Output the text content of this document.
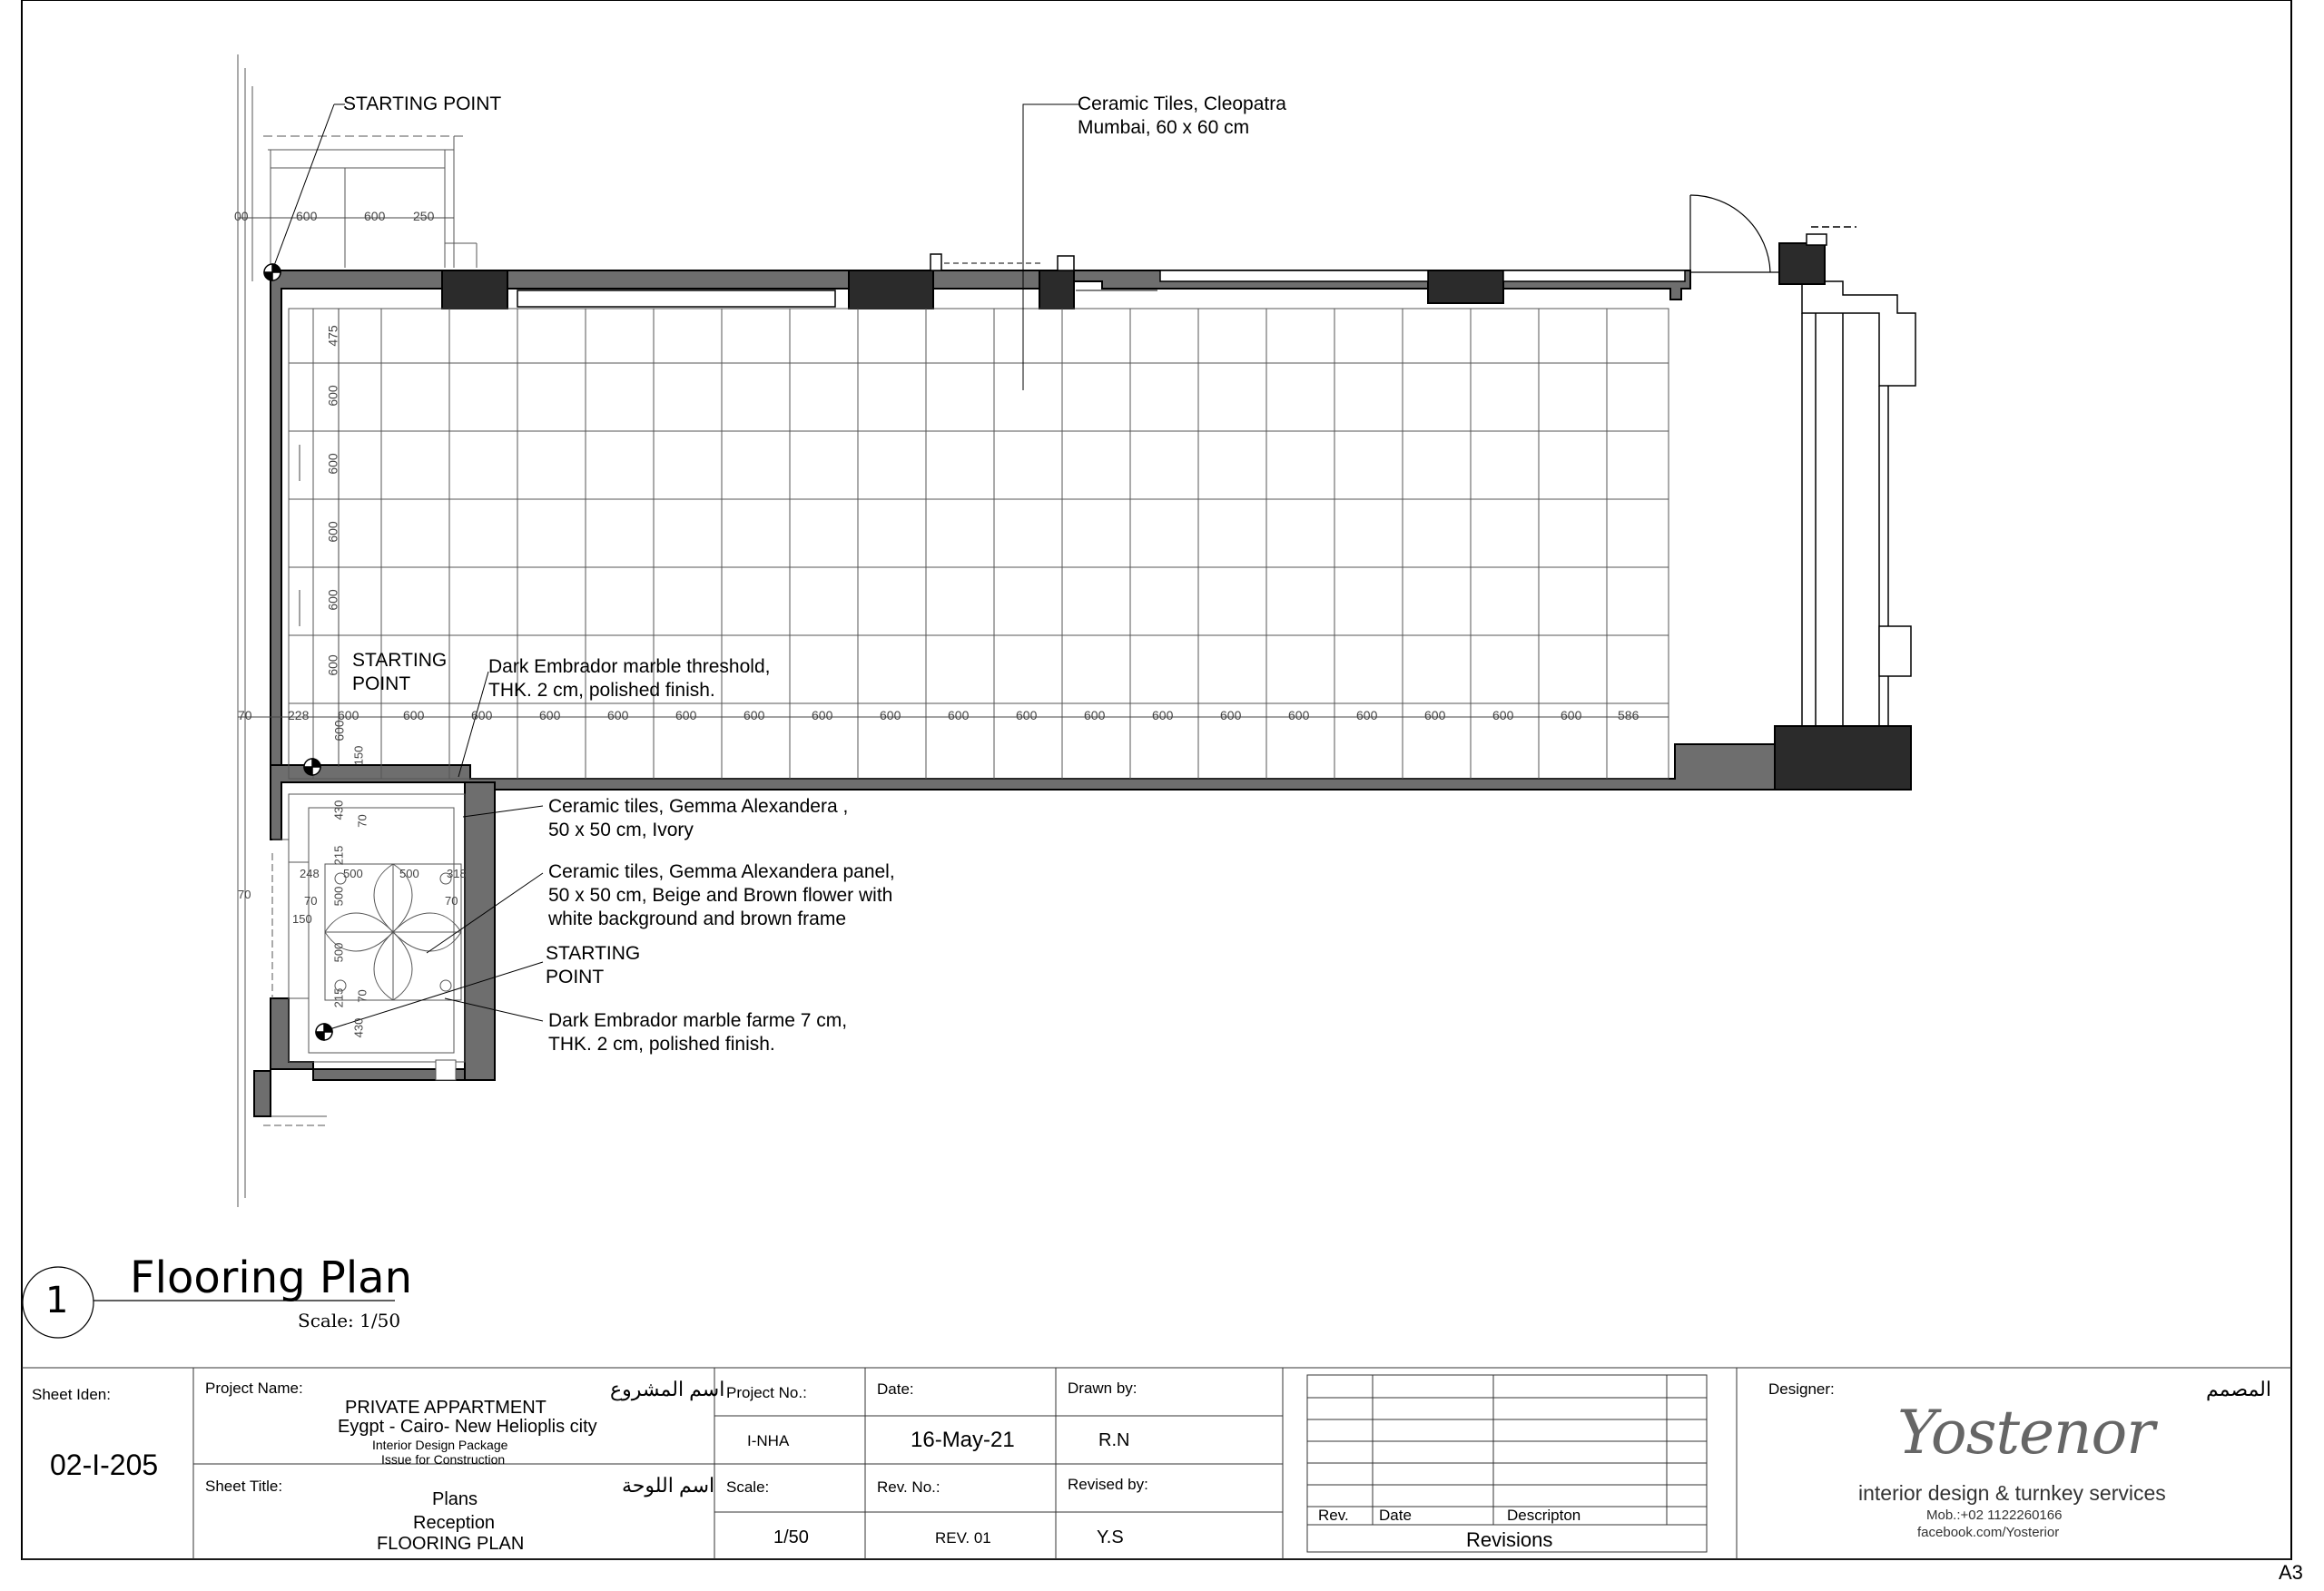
STARTING POINT	Ceramic Tiles, Cleopatra
Mumbai, 60 x 60 cm
STARTING
POINT
Dark Embrador marble threshold,
THK. 2 cm, polished finish.
Ceramic tiles, Gemma Alexandera ,
50 x 50 cm, Ivory
Ceramic tiles, Gemma Alexandera panel,
50 x 50 cm, Beige and Brown flower with
white background and brown frame
STARTING
POINT
Dark Embrador marble farme 7 cm,
THK. 2 cm, polished finish.
00	600	600 250
475
600
600
600
600
600
600
70	228 600	600	600	600	600	600	600	600	600	600	600	600	600	600	600	600	600	600	600	586
150
430
215
500
500
215
430
70
70	70	70
70
248 500	500 318
150
1 Flooring Plan
Scale: 1/50
Sheet Iden:
02-I-205
Project Name:	اسم المشروع
PRIVATE APPARTMENT
Eygpt - Cairo- New Helioplis city
Interior Design Package
Issue for Construction
Sheet Title:	اسم اللوحة
Plans
Reception
FLOORING PLAN
Project No.:
I-NHA
Date:
16-May-21
Drawn by:
R.N
Scale:
1/50
Rev. No.:
REV. 01
Revised by:
Y.S
Rev. Date	Descripton
Revisions
Designer:	المصمم
Yostenor
interior design & turnkey services
Mob.:+02 1122260166
facebook.com/Yosterior
A3
